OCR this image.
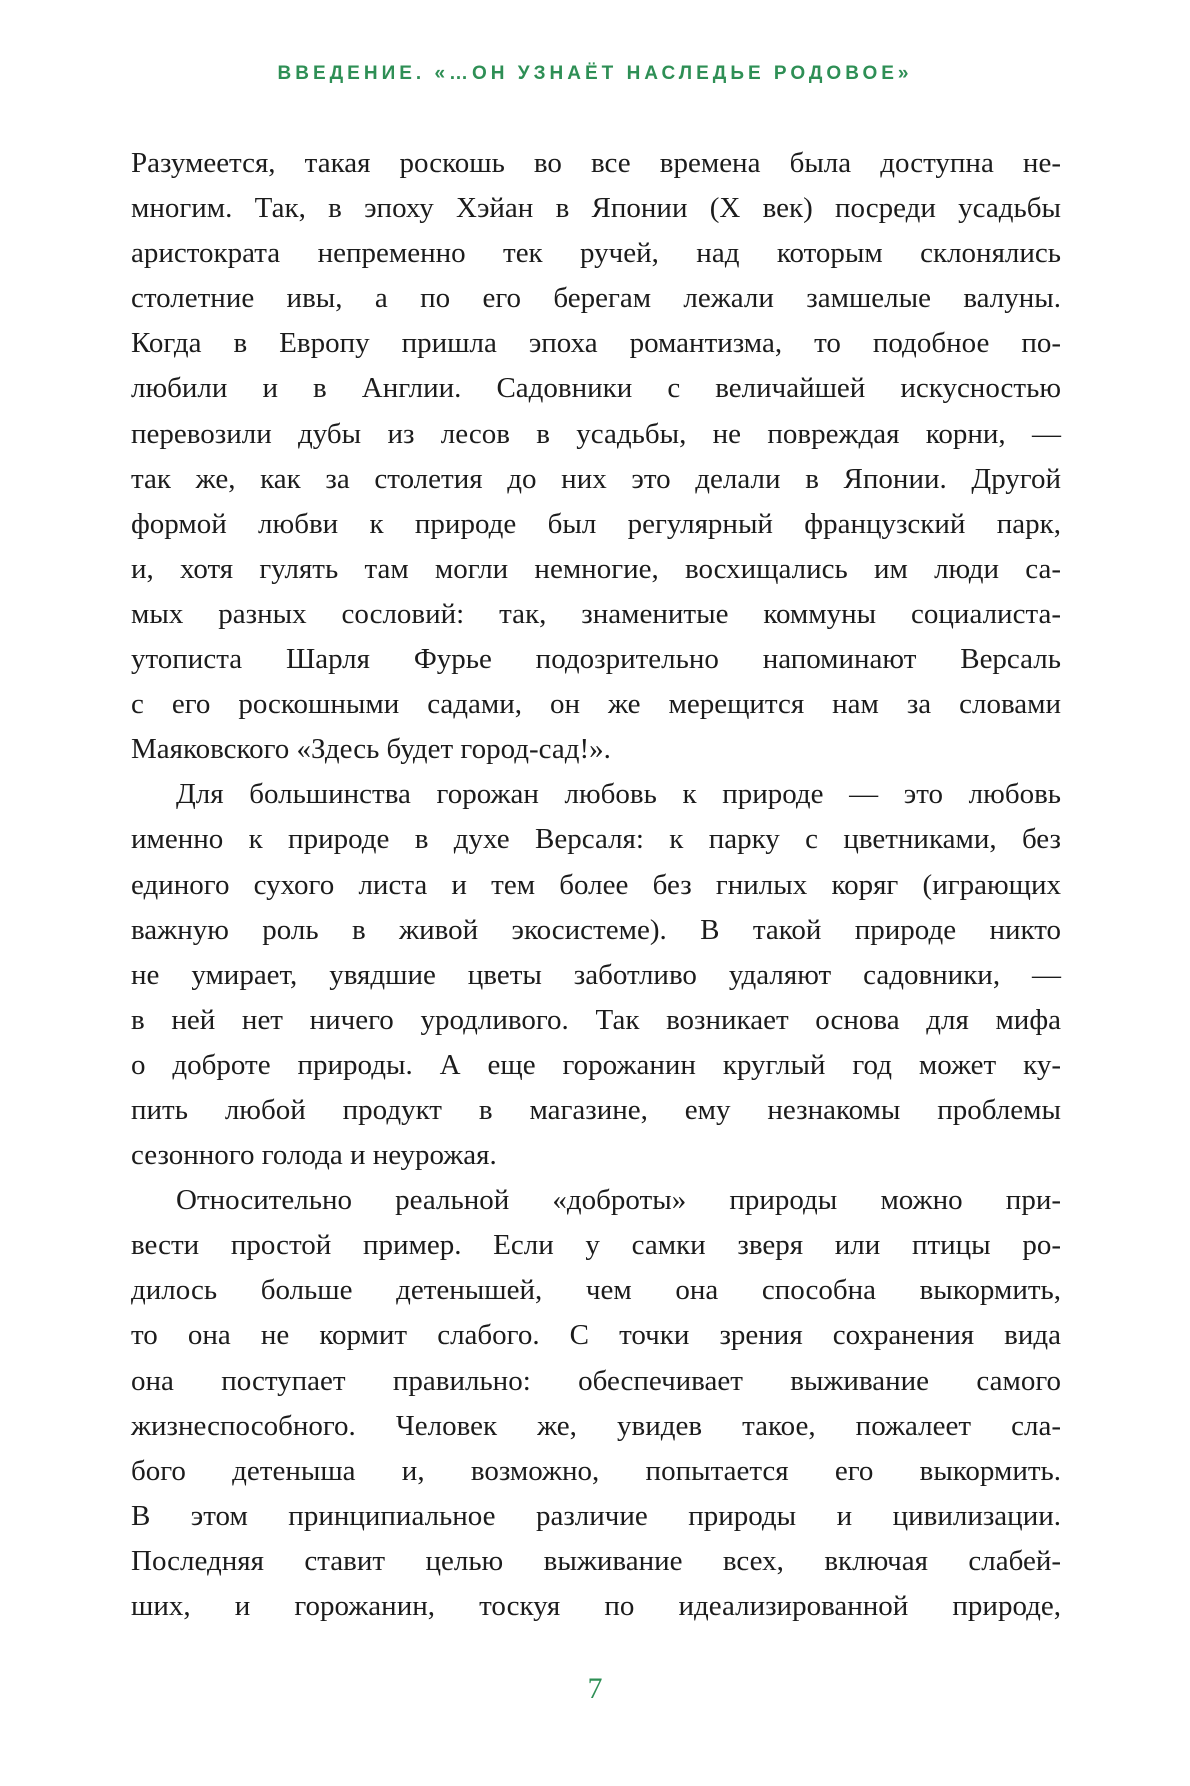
ВВЕДЕНИЕ. «…ОН УЗНАЁТ НАСЛЕДЬЕ РОДОВОЕ»
Разумеется, такая роскошь во все времена была доступна не-
многим. Так, в эпоху Хэйан в Японии (X век) посреди усадьбы
аристократа непременно тек ручей, над которым склонялись
столетние ивы, а по его берегам лежали замшелые валуны.
Когда в Европу пришла эпоха романтизма, то подобное по-
любили и в Англии. Садовники с величайшей искусностью
перевозили дубы из лесов в усадьбы, не повреждая корни, —
так же, как за столетия до них это делали в Японии. Другой
формой любви к природе был регулярный французский парк,
и, хотя гулять там могли немногие, восхищались им люди са-
мых разных сословий: так, знаменитые коммуны социалиста-
утописта Шарля Фурье подозрительно напоминают Версаль
с его роскошными садами, он же мерещится нам за словами
Маяковского «Здесь будет город-сад!».
Для большинства горожан любовь к природе — это любовь
именно к природе в духе Версаля: к парку с цветниками, без
единого сухого листа и тем более без гнилых коряг (играющих
важную роль в живой экосистеме). В такой природе никто
не умирает, увядшие цветы заботливо удаляют садовники, —
в ней нет ничего уродливого. Так возникает основа для мифа
о доброте природы. А еще горожанин круглый год может ку-
пить любой продукт в магазине, ему незнакомы проблемы
сезонного голода и неурожая.
Относительно реальной «доброты» природы можно при-
вести простой пример. Если у самки зверя или птицы ро-
дилось больше детенышей, чем она способна выкормить,
то она не кормит слабого. С точки зрения сохранения вида
она поступает правильно: обеспечивает выживание самого
жизнеспособного. Человек же, увидев такое, пожалеет сла-
бого детеныша и, возможно, попытается его выкормить.
В этом принципиальное различие природы и цивилизации.
Последняя ставит целью выживание всех, включая слабей-
ших, и горожанин, тоскуя по идеализированной природе,
7
